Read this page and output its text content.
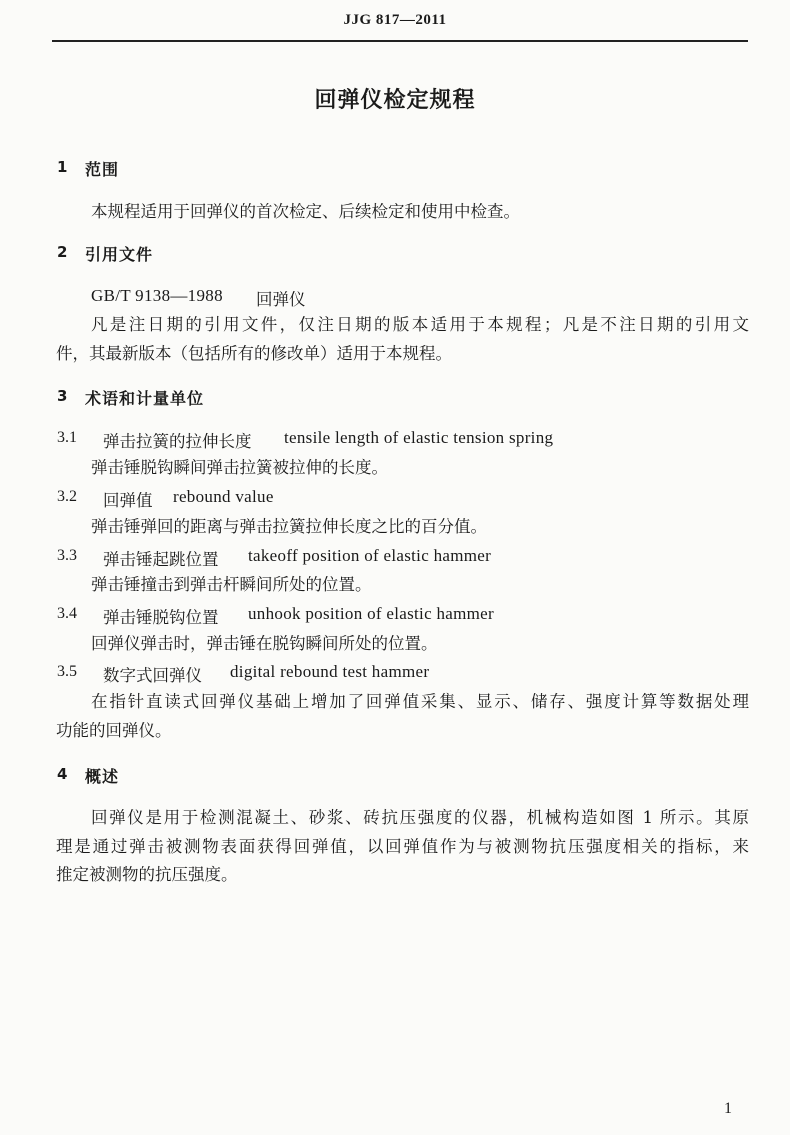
JJG 817—2011
回弹仪检定规程
1 范围
本规程适用于回弹仪的首次检定、后续检定和使用中检查。
2 引用文件
GB/T 9138—1988 回弹仪
凡是注日期的引用文件，仅注日期的版本适用于本规程；凡是不注日期的引用文
件，其最新版本（包括所有的修改单）适用于本规程。
3 术语和计量单位
3.1 弹击拉簧的拉伸长度 tensile length of elastic tension spring
弹击锤脱钩瞬间弹击拉簧被拉伸的长度。
3.2 回弹值 rebound value
弹击锤弹回的距离与弹击拉簧拉伸长度之比的百分值。
3.3 弹击锤起跳位置 takeoff position of elastic hammer
弹击锤撞击到弹击杆瞬间所处的位置。
3.4 弹击锤脱钩位置 unhook position of elastic hammer
回弹仪弹击时，弹击锤在脱钩瞬间所处的位置。
3.5 数字式回弹仪 digital rebound test hammer
在指针直读式回弹仪基础上增加了回弹值采集、显示、储存、强度计算等数据处理
功能的回弹仪。
4 概述
回弹仪是用于检测混凝土、砂浆、砖抗压强度的仪器，机械构造如图 1 所示。其原
理是通过弹击被测物表面获得回弹值，以回弹值作为与被测物抗压强度相关的指标，来
推定被测物的抗压强度。
1
